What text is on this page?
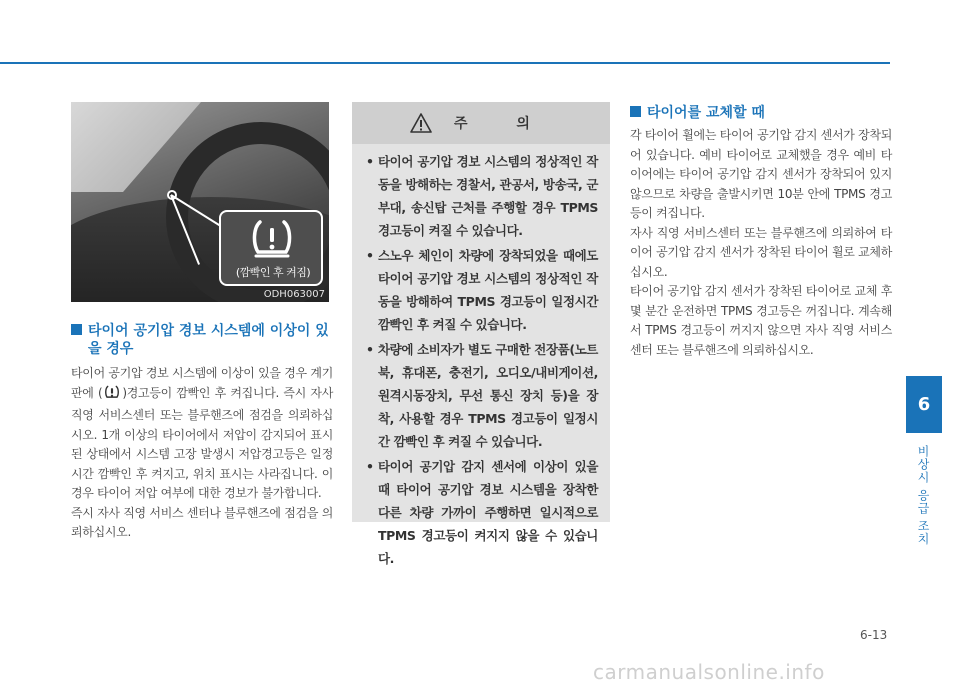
(깜빡인 후 켜짐)
ODH063007
타이어 공기압 경보 시스템에 이상이 있
을 경우

타이어 공기압 경보 시스템에 이상이 있을 경우 계기판에 ( )경고등이 깜빡인 후 켜집니다. 즉시 자사 직영 서비스센터 또는 블루핸즈에 점검을 의뢰하십시오. 1개 이상의 타이어에서 저압이 감지되어 표시된 상태에서 시스템 고장 발생시 저압경고등은 일정시간 깜빡인 후 켜지고, 위치 표시는 사라집니다. 이 경우 타이어 저압 여부에 대한 경보가 불가합니다.

즉시 자사 직영 서비스 센터나 블루핸즈에 점검을 의뢰하십시오.

주 의
• 타이어 공기압 경보 시스템의 정상적인 작동을 방해하는 경찰서, 관공서, 방송국, 군부대, 송신탑 근처를 주행할 경우 TPMS 경고등이 켜질 수 있습니다.
• 스노우 체인이 차량에 장착되었을 때에도 타이어 공기압 경보 시스템의 정상적인 작동을 방해하여 TPMS 경고등이 일정시간 깜빡인 후 켜질 수 있습니다.
• 차량에 소비자가 별도 구매한 전장품(노트북, 휴대폰, 충전기, 오디오/내비게이션, 원격시동장치, 무선 통신 장치 등)을 장착, 사용할 경우 TPMS 경고등이 일정시간 깜빡인 후 켜질 수 있습니다.
• 타이어 공기압 감지 센서에 이상이 있을 때 타이어 공기압 경보 시스템을 장착한 다른 차량 가까이 주행하면 일시적으로 TPMS 경고등이 켜지지 않을 수 있습니다.
타이어를 교체할 때

각 타이어 휠에는 타이어 공기압 감지 센서가 장착되어 있습니다. 예비 타이어로 교체했을 경우 예비 타이어에는 타이어 공기압 감지 센서가 장착되어 있지 않으므로 차량을 출발시키면 10분 안에 TPMS 경고등이 켜집니다.

자사 직영 서비스센터 또는 블루핸즈에 의뢰하여 타이어 공기압 감지 센서가 장착된 타이어 휠로 교체하십시오.

타이어 공기압 감지 센서가 장착된 타이어로 교체 후 몇 분간 운전하면 TPMS 경고등은 꺼집니다. 계속해서 TPMS 경고등이 꺼지지 않으면 자사 직영 서비스센터 또는 블루핸즈에 의뢰하십시오.

6
비상시 응급 조치
6-13
carmanualsonline.info
